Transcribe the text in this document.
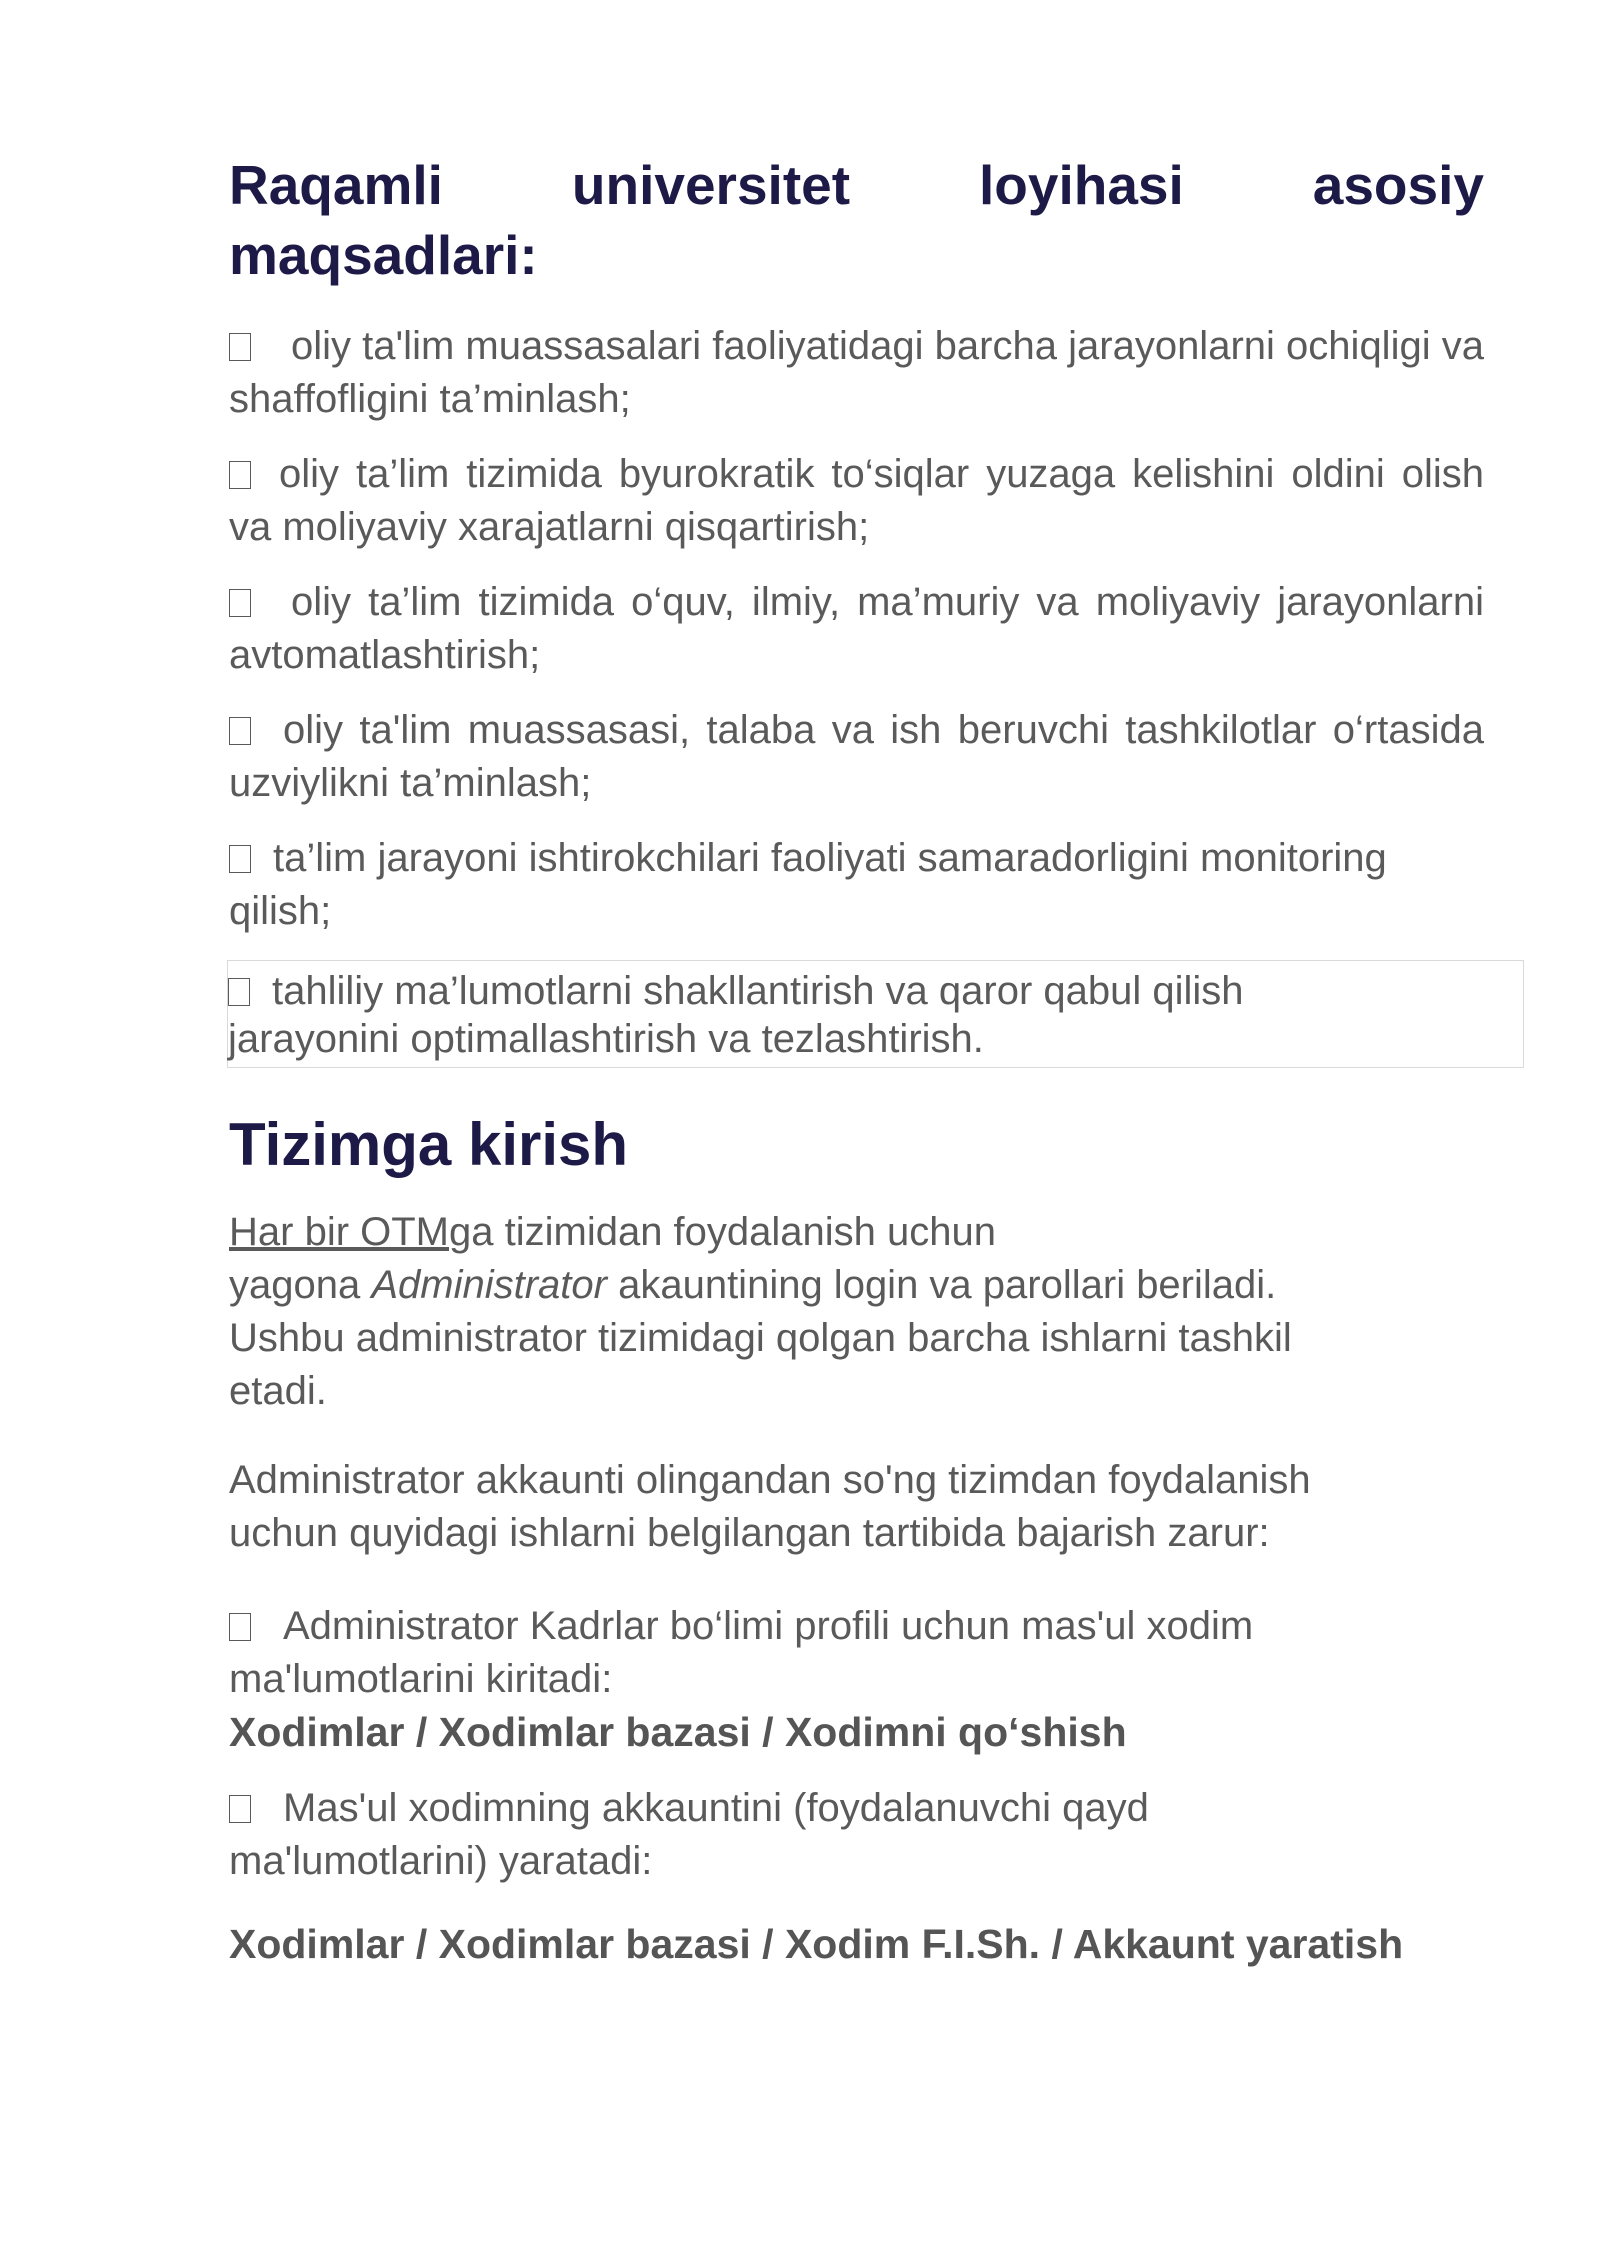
Raqamli universitet loyihasi asosiy
maqsadlari:

oliy ta'lim muassasalari faoliyatidagi barcha jarayonlarni ochiqligi va shaffofligini ta’minlash;

oliy ta’lim tizimida byurokratik to‘siqlar yuzaga kelishini oldini olish va moliyaviy xarajatlarni qisqartirish;

oliy ta’lim tizimida o‘quv, ilmiy, ma’muriy va moliyaviy jarayonlarni avtomatlashtirish;

oliy ta'lim muassasasi, talaba va ish beruvchi tashkilotlar o‘rtasida uzviylikni ta’minlash;

ta’lim jarayoni ishtirokchilari faoliyati samaradorligini monitoring qilish;

tahliliy ma’lumotlarni shakllantirish va qaror qabul qilish
jarayonini optimallashtirish va tezlashtirish.
Tizimga kirish

Har bir OTMga tizimidan foydalanish uchun
yagona Administrator akauntining login va parollari beriladi.
Ushbu administrator tizimidagi qolgan barcha ishlarni tashkil
etadi.

Administrator akkaunti olingandan so'ng tizimdan foydalanish
uchun quyidagi ishlarni belgilangan tartibida bajarish zarur:

Administrator Kadrlar bo‘limi profili uchun mas'ul xodim
ma'lumotlarini kiritadi:
Xodimlar / Xodimlar bazasi / Xodimni qo‘shish
Mas'ul xodimning akkauntini (foydalanuvchi qayd
ma'lumotlarini) yaratadi:
Xodimlar / Xodimlar bazasi / Xodim F.I.Sh. / Akkaunt yaratish
